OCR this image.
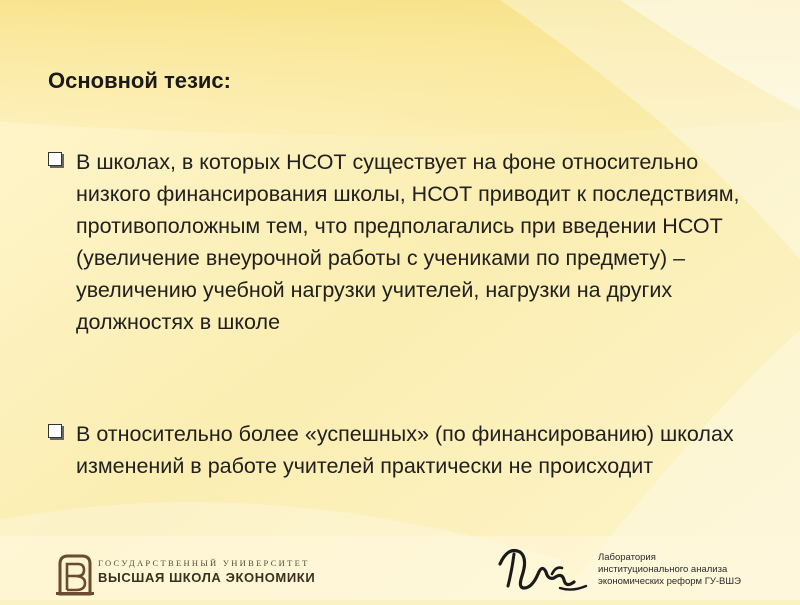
Основной тезис:
В школах, в которых НСОТ существует на фоне относительно низкого финансирования школы, НСОТ приводит к последствиям, противоположным тем, что предполагались при введении НСОТ (увеличение внеурочной работы с учениками по предмету) – увеличению учебной нагрузки учителей, нагрузки на других должностях в школе
В относительно более «успешных» (по финансированию) школах изменений в работе учителей практически не происходит
ГОСУДАРСТВЕННЫЙ УНИВЕРСИТЕТ
ВЫСШАЯ ШКОЛА ЭКОНОМИКИ
Лаборатория
институционального анализа
экономических реформ ГУ-ВШЭ
